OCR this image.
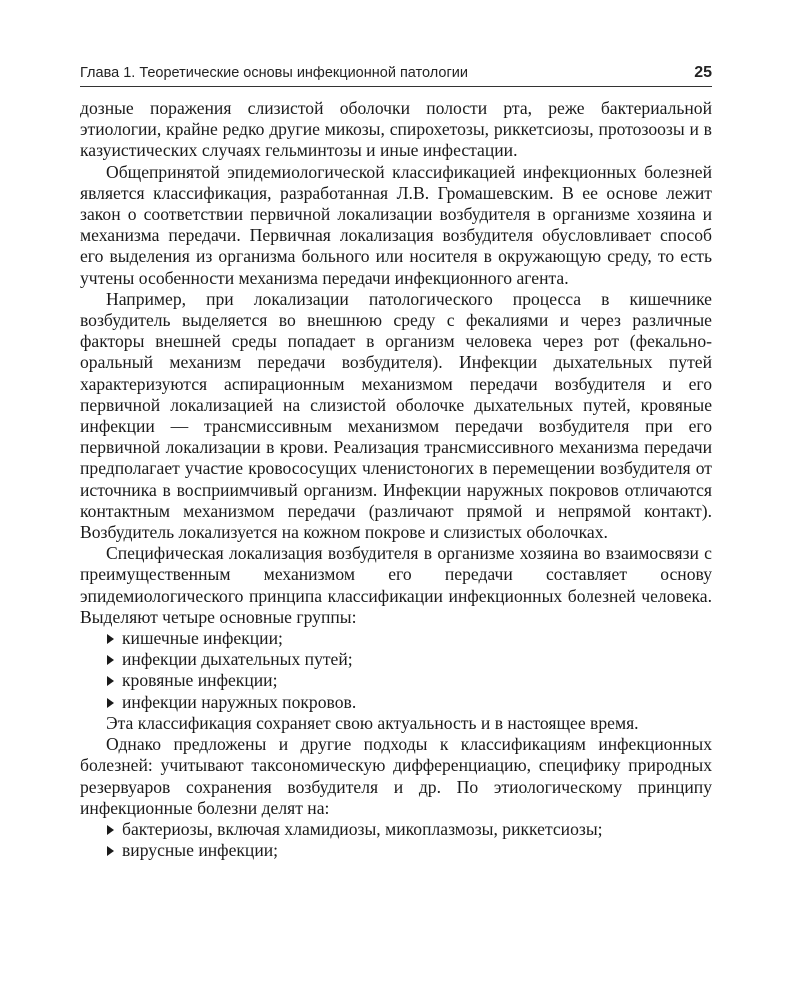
Глава 1. Теоретические основы инфекционной патологии	25

дозные поражения слизистой оболочки полости рта, реже бактериальной этиологии, крайне редко другие микозы, спирохетозы, риккетсиозы, протозоозы и в казуистических случаях гельминтозы и иные инфестации.

Общепринятой эпидемиологической классификацией инфекционных болезней является классификация, разработанная Л.В. Громашевским. В ее основе лежит закон о соответствии первичной локализации возбудителя в организме хозяина и механизма передачи. Первичная локализация возбудителя обусловливает способ его выделения из организма больного или носителя в окружающую среду, то есть учтены особенности механизма передачи инфекционного агента.

Например, при локализации патологического процесса в кишечнике возбудитель выделяется во внешнюю среду с фекалиями и через различные факторы внешней среды попадает в организм человека через рот (фекально-оральный механизм передачи возбудителя). Инфекции дыхательных путей характеризуются аспирационным механизмом передачи возбудителя и его первичной локализацией на слизистой оболочке дыхательных путей, кровяные инфекции — трансмиссивным механизмом передачи возбудителя при его первичной локализации в крови. Реализация трансмиссивного механизма передачи предполагает участие кровососущих членистоногих в перемещении возбудителя от источника в восприимчивый организм. Инфекции наружных покровов отличаются контактным механизмом передачи (различают прямой и непрямой контакт). Возбудитель локализуется на кожном покрове и слизистых оболочках.

Специфическая локализация возбудителя в организме хозяина во взаимосвязи с преимущественным механизмом его передачи составляет основу эпидемиологического принципа классификации инфекционных болезней человека. Выделяют четыре основные группы:

кишечные инфекции;
инфекции дыхательных путей;
кровяные инфекции;
инфекции наружных покровов.

Эта классификация сохраняет свою актуальность и в настоящее время.

Однако предложены и другие подходы к классификациям инфекционных болезней: учитывают таксономическую дифференциацию, специфику природных резервуаров сохранения возбудителя и др. По этиологическому принципу инфекционные болезни делят на:

бактериозы, включая хламидиозы, микоплазмозы, риккетсиозы;
вирусные инфекции;
